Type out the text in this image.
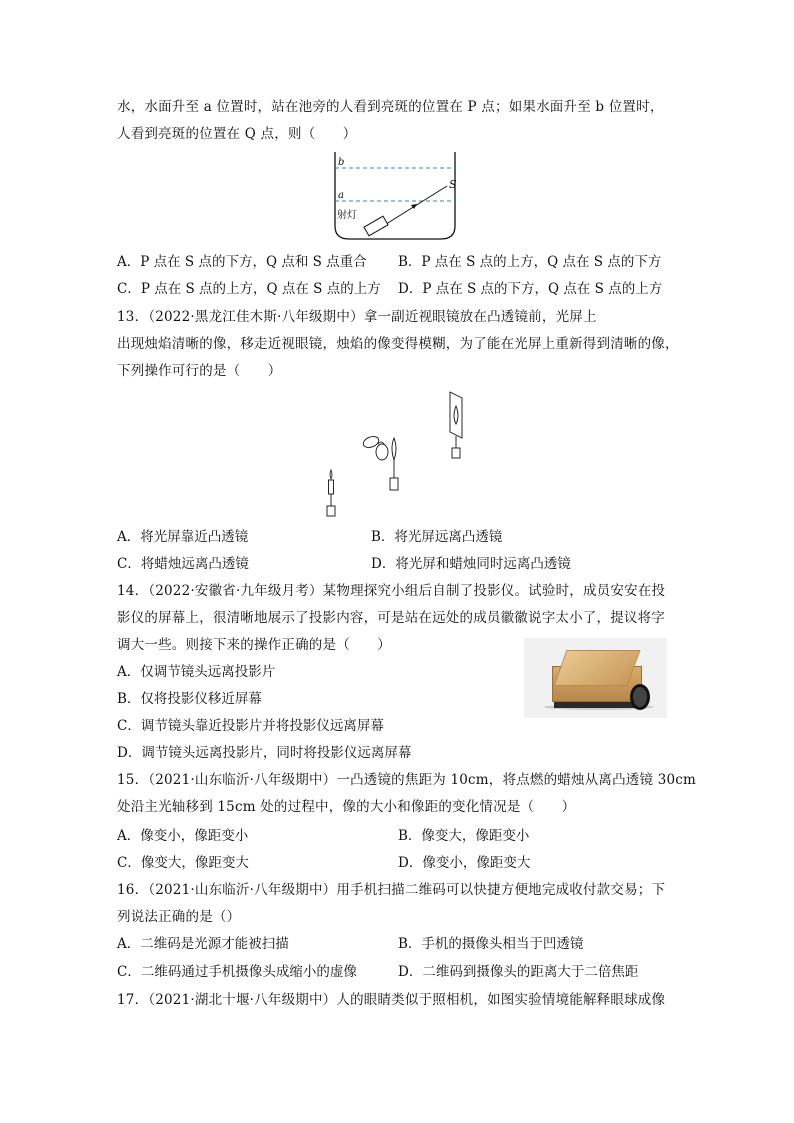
水，水面升至 a 位置时，站在池旁的人看到亮斑的位置在 P 点；如果水面升至 b 位置时，
人看到亮斑的位置在 Q 点，则（　　）
b
a
S
射灯
A．P 点在 S 点的下方，Q 点和 S 点重合 B．P 点在 S 点的上方，Q 点在 S 点的下方
C．P 点在 S 点的上方，Q 点在 S 点的上方 D．P 点在 S 点的下方，Q 点在 S 点的上方
13．（2022·黑龙江佳木斯·八年级期中）拿一副近视眼镜放在凸透镜前，光屏上
出现烛焰清晰的像，移走近视眼镜，烛焰的像变得模糊，为了能在光屏上重新得到清晰的像，
下列操作可行的是（　　）
A．将光屏靠近凸透镜	B．将光屏远离凸透镜
C．将蜡烛远离凸透镜	D．将光屏和蜡烛同时远离凸透镜
14．（2022·安徽省·九年级月考）某物理探究小组后自制了投影仪。试验时，成员安安在投
影仪的屏幕上，很清晰地展示了投影内容，可是站在远处的成员徽徽说字太小了，提议将字
调大一些。则接下来的操作正确的是（　　）
A．仅调节镜头远离投影片
B．仅将投影仪移近屏幕
C．调节镜头靠近投影片并将投影仪远离屏幕
D．调节镜头远离投影片，同时将投影仪远离屏幕
15．（2021·山东临沂·八年级期中）一凸透镜的焦距为 10cm，将点燃的蜡烛从离凸透镜 30cm
处沿主光轴移到 15cm 处的过程中，像的大小和像距的变化情况是（　　）
A．像变小，像距变小	B．像变大，像距变小
C．像变大，像距变大	D．像变小，像距变大
16．（2021·山东临沂·八年级期中）用手机扫描二维码可以快捷方便地完成收付款交易；下
列说法正确的是（）
A．二维码是光源才能被扫描	B．手机的摄像头相当于凹透镜
C．二维码通过手机摄像头成缩小的虚像	D．二维码到摄像头的距离大于二倍焦距
17．（2021·湖北十堰·八年级期中）人的眼睛类似于照相机，如图实验情境能解释眼球成像
